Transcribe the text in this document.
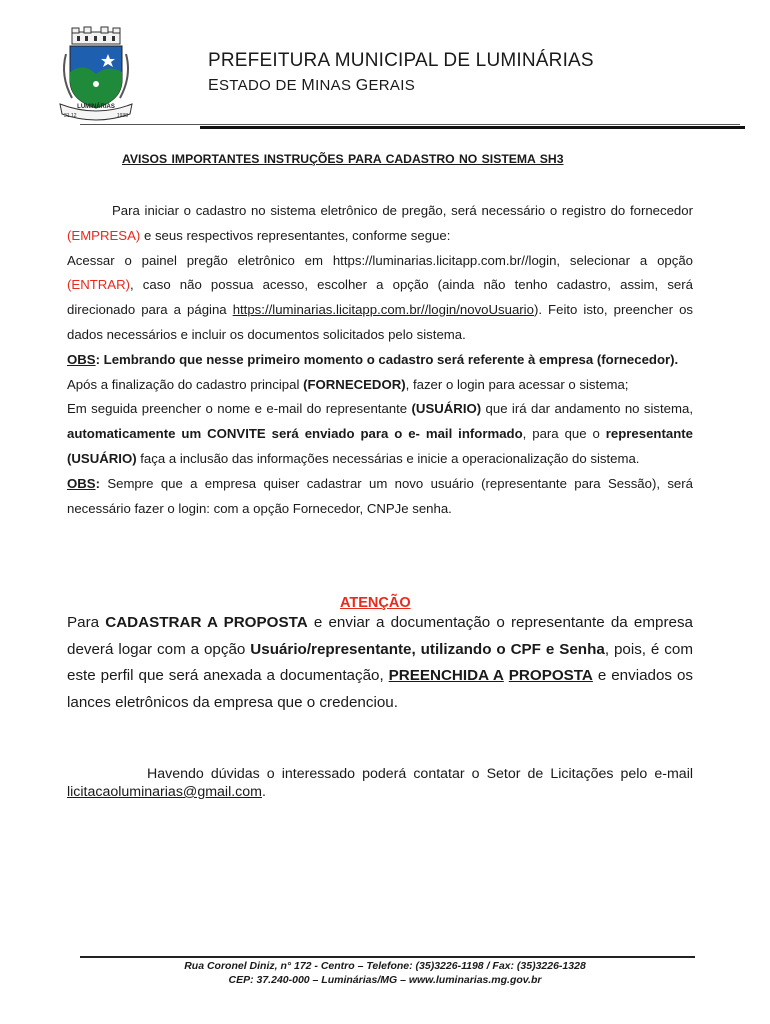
LUMINÁRIAS
31.12	1938
PREFEITURA MUNICIPAL DE LUMINÁRIAS
ESTADO DE MINAS GERAIS
AVISOS IMPORTANTES INSTRUÇÕES PARA CADASTRO NO SISTEMA SH3

Para iniciar o cadastro no sistema eletrônico de pregão, será necessário o registro do fornecedor (EMPRESA) e seus respectivos representantes, conforme segue:

Acessar o painel pregão eletrônico em https://luminarias.licitapp.com.br//login, selecionar a opção (ENTRAR), caso não possua acesso, escolher a opção (ainda não tenho cadastro, assim, será direcionado para a página https://luminarias.licitapp.com.br//login/novoUsuario). Feito isto, preencher os dados necessários e incluir os documentos solicitados pelo sistema.

OBS: Lembrando que nesse primeiro momento o cadastro será referente à empresa (fornecedor).

Após a finalização do cadastro principal (FORNECEDOR), fazer o login para acessar o sistema;

Em seguida preencher o nome e e-mail do representante (USUÁRIO) que irá dar andamento no sistema, automaticamente um CONVITE será enviado para o e- mail informado, para que o representante (USUÁRIO) faça a inclusão das informações necessárias e inicie a operacionalização do sistema.

OBS: Sempre que a empresa quiser cadastrar um novo usuário (representante para Sessão), será necessário fazer o login: com a opção Fornecedor, CNPJe senha.

ATENÇÃO

Para CADASTRAR A PROPOSTA e enviar a documentação o representante da empresa deverá logar com a opção Usuário/representante, utilizando o CPF e Senha, pois, é com este perfil que será anexada a documentação, PREENCHIDA A PROPOSTA e enviados os lances eletrônicos da empresa que o credenciou.

Havendo dúvidas o interessado poderá contatar o Setor de Licitações pelo e-mail licitacaoluminarias@gmail.com.
Rua Coronel Diniz, n° 172 - Centro – Telefone: (35)3226-1198 / Fax: (35)3226-1328
CEP: 37.240-000 – Luminárias/MG – www.luminarias.mg.gov.br
